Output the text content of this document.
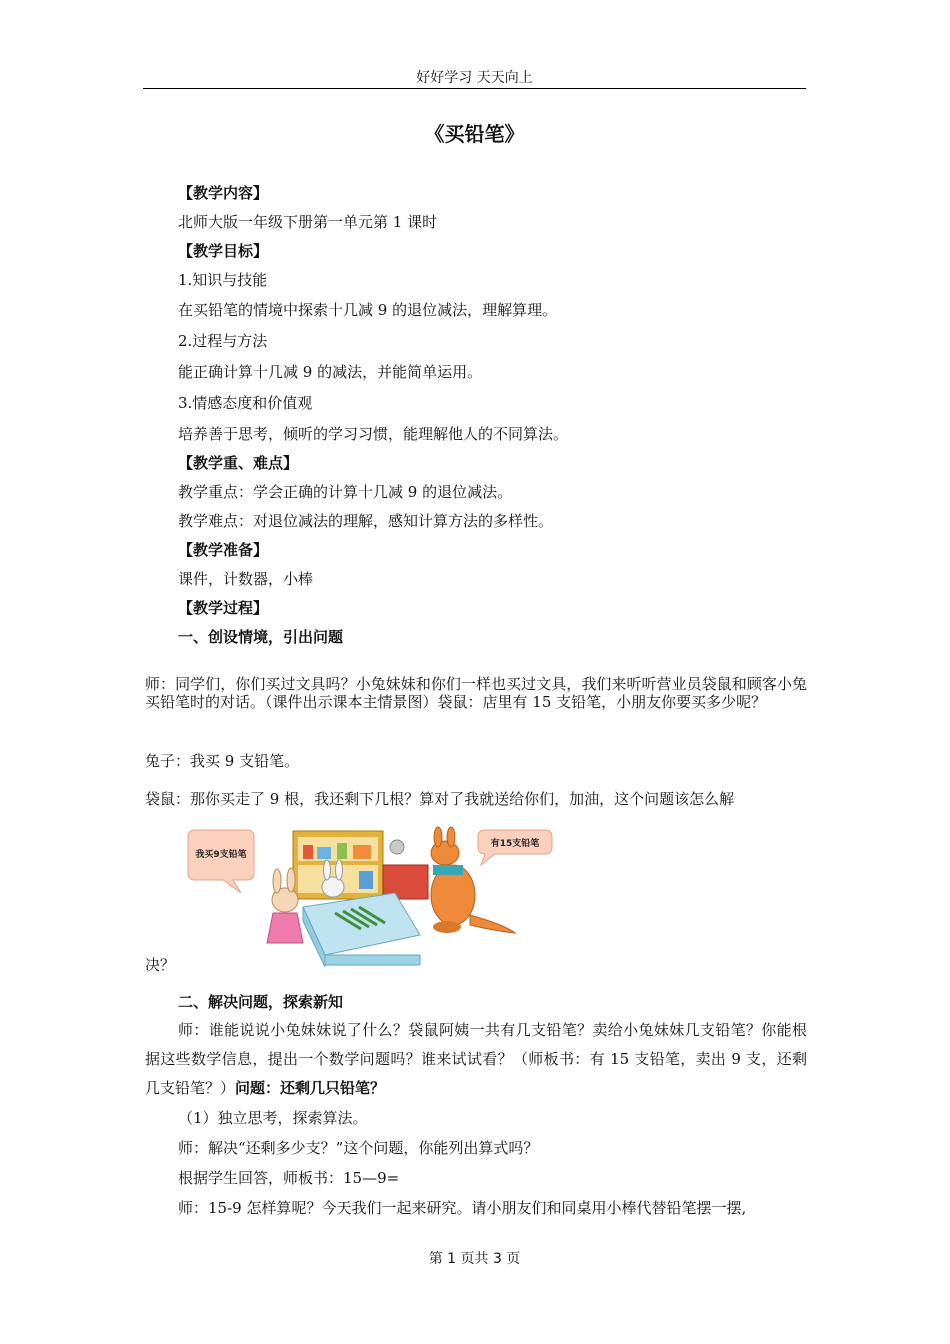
好好学习 天天向上
《买铅笔》
【教学内容】
北师大版一年级下册第一单元第 1 课时
【教学目标】
1.知识与技能
在买铅笔的情境中探索十几减 9 的退位减法，理解算理。
2.过程与方法
能正确计算十几减 9 的减法，并能简单运用。
3.情感态度和价值观
培养善于思考，倾听的学习习惯，能理解他人的不同算法。
【教学重、难点】
教学重点：学会正确的计算十几减 9 的退位减法。
教学难点：对退位减法的理解，感知计算方法的多样性。
【教学准备】
课件，计数器，小棒
【教学过程】
一、创设情境，引出问题
师：同学们，你们买过文具吗？小兔妹妹和你们一样也买过文具，我们来听听营业员袋鼠和顾客小兔买铅笔时的对话。（课件出示课本主情景图）袋鼠：店里有 15 支铅笔，小朋友你要买多少呢？
兔子：我买 9 支铅笔。
袋鼠：那你买走了 9 根，我还剩下几根？算对了我就送给你们，加油，这个问题该怎么解
我买9支铅笔
有15支铅笔
决？
二、解决问题，探索新知
师：谁能说说小兔妹妹说了什么？袋鼠阿姨一共有几支铅笔？卖给小兔妹妹几支铅笔？你能根据这些数学信息，提出一个数学问题吗？谁来试试看？（师板书：有 15 支铅笔，卖出 9 支，还剩几支铅笔？）问题：还剩几只铅笔？
（1）独立思考，探索算法。
师：解决“还剩多少支？”这个问题，你能列出算式吗？
根据学生回答，师板书：15—9=
师：15-9 怎样算呢？今天我们一起来研究。请小朋友们和同桌用小棒代替铅笔摆一摆,
第 1 页共 3 页
